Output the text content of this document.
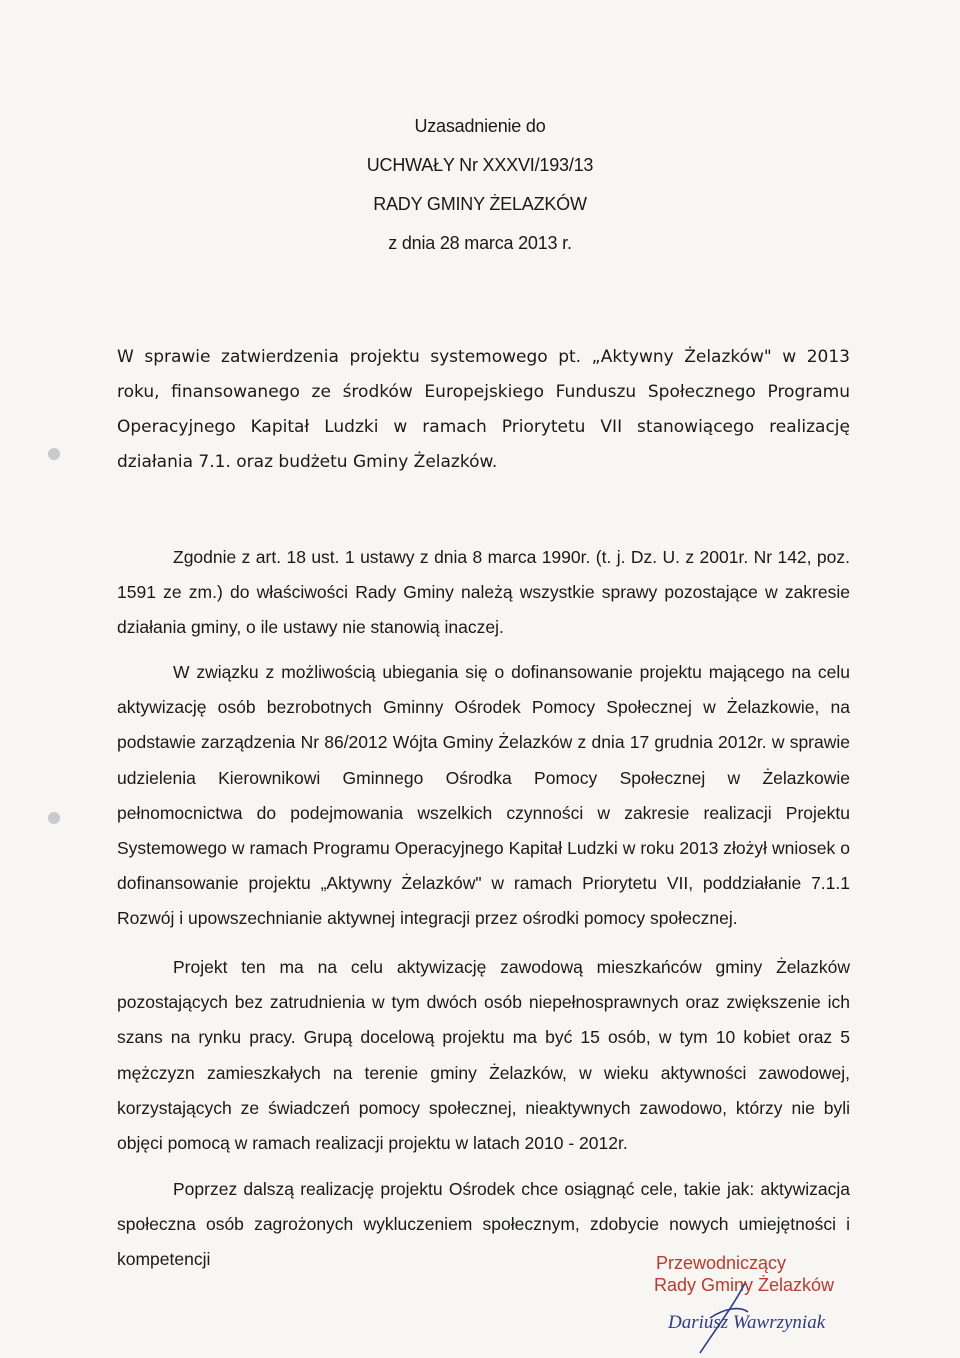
Uzasadnienie do
UCHWAŁY Nr XXXVI/193/13
RADY GMINY ŻELAZKÓW
z dnia 28 marca 2013 r.
W sprawie zatwierdzenia projektu systemowego pt. „Aktywny Żelazków" w 2013 roku, finansowanego ze środków Europejskiego Funduszu Społecznego Programu Operacyjnego Kapitał Ludzki w ramach Priorytetu VII stanowiącego realizację działania 7.1. oraz budżetu Gminy Żelazków.
Zgodnie z art. 18 ust. 1 ustawy z dnia 8 marca 1990r. (t. j. Dz. U. z 2001r. Nr 142, poz. 1591 ze zm.) do właściwości Rady Gminy należą wszystkie sprawy pozostające w zakresie działania gminy, o ile ustawy nie stanowią inaczej.
W związku z możliwością ubiegania się o dofinansowanie projektu mającego na celu aktywizację osób bezrobotnych Gminny Ośrodek Pomocy Społecznej w Żelazkowie, na podstawie zarządzenia Nr 86/2012 Wójta Gminy Żelazków z dnia 17 grudnia 2012r. w sprawie udzielenia Kierownikowi Gminnego Ośrodka Pomocy Społecznej w Żelazkowie pełnomocnictwa do podejmowania wszelkich czynności w zakresie realizacji Projektu Systemowego w ramach Programu Operacyjnego Kapitał Ludzki w roku 2013 złożył wniosek o dofinansowanie projektu „Aktywny Żelazków" w ramach Priorytetu VII, poddziałanie 7.1.1 Rozwój i upowszechnianie aktywnej integracji przez ośrodki pomocy społecznej.
Projekt ten ma na celu aktywizację zawodową mieszkańców gminy Żelazków pozostających bez zatrudnienia w tym dwóch osób niepełnosprawnych oraz zwiększenie ich szans na rynku pracy. Grupą docelową projektu ma być 15 osób, w tym 10 kobiet oraz 5 mężczyzn zamieszkałych na terenie gminy Żelazków, w wieku aktywności zawodowej, korzystających ze świadczeń pomocy społecznej, nieaktywnych zawodowo, którzy nie byli objęci pomocą w ramach realizacji projektu w latach 2010 - 2012r.
Poprzez dalszą realizację projektu Ośrodek chce osiągnąć cele, takie jak: aktywizacja społeczna osób zagrożonych wykluczeniem społecznym, zdobycie nowych umiejętności i kompetencji	Przewodniczący
Rady Gminy Żelazków
Dariusz Wawrzyniak
